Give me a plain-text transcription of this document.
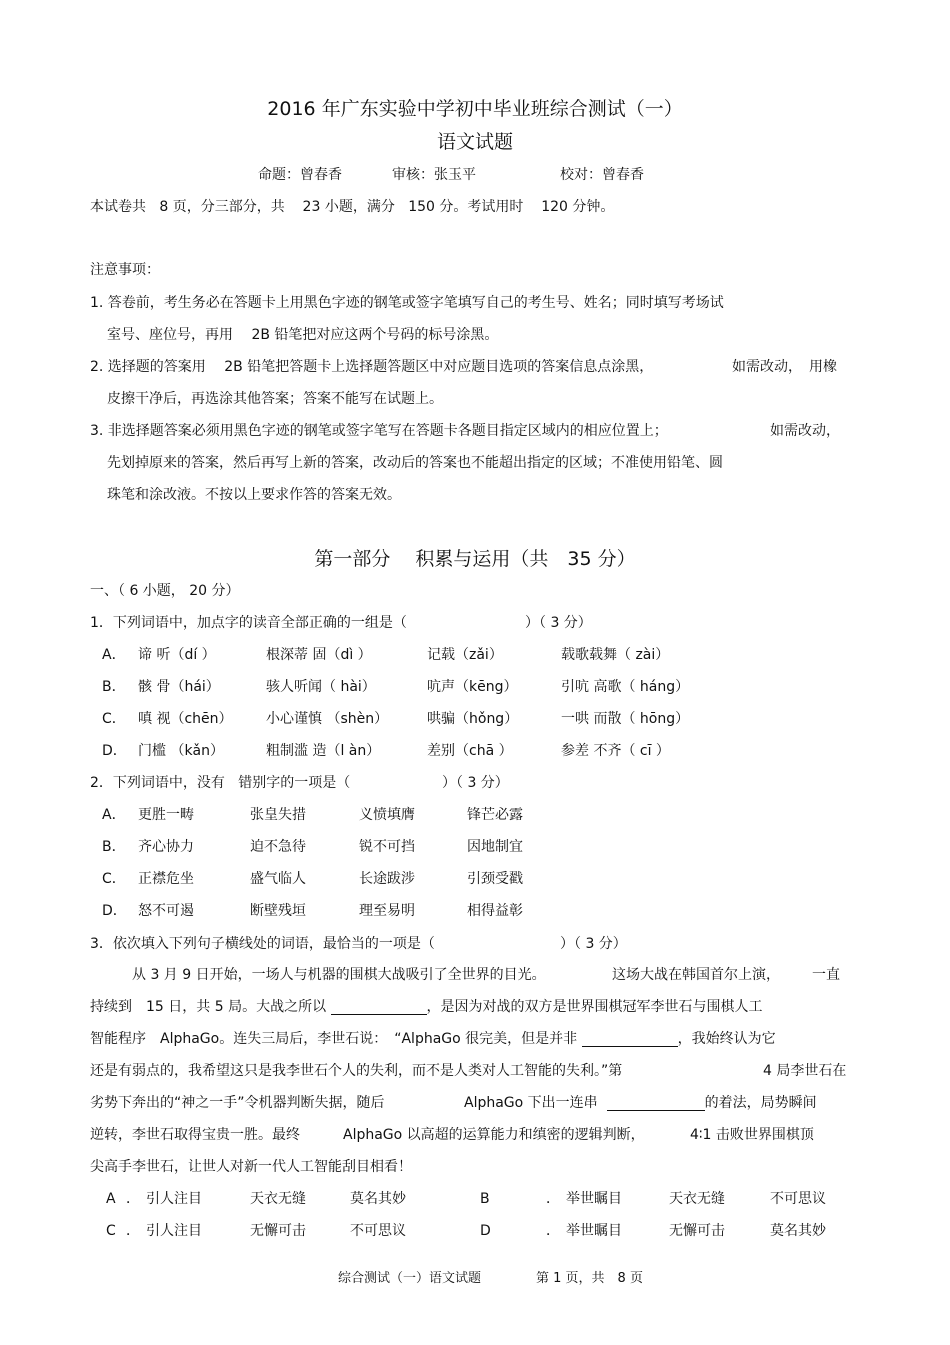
2016 年广东实验中学初中毕业班综合测试（一）
语文试题
命题：曾春香	审核：张玉平	校对：曾春香
本试卷共 8 页，分三部分，共 23 小题，满分 150 分。考试用时 120 分钟。
注意事项：
1. 答卷前，考生务必在答题卡上用黑色字迹的钢笔或签字笔填写自己的考生号、姓名；同时填写考场试
室号、座位号，再用　 2B 铅笔把对应这两个号码的标号涂黑。
2. 选择题的答案用　 2B 铅笔把答题卡上选择题答题区中对应题目选项的答案信息点涂黑，	如需改动，　用橡
皮擦干净后，再选涂其他答案；答案不能写在试题上。
3. 非选择题答案必须用黑色字迹的钢笔或签字笔写在答题卡各题目指定区域内的相应位置上；	如需改动，
先划掉原来的答案，然后再写上新的答案，改动后的答案也不能超出指定的区域；不准使用铅笔、圆
珠笔和涂改液。不按以上要求作答的答案无效。
第一部分　 积累与运用（共　35 分）
一、（ 6 小题， 20 分）
1．下列词语中，加点字的读音全部正确的一组是（	）（ 3 分）
A． 谛 听（dí ）	根深蒂 固（dì ）	记载（zǎi）	载歌载舞（ zài）
B． 骸 骨（hái）	骇人听闻（ hài）	吭声（kēng）	引吭 高歌（ háng）
C． 嗔 视（chēn） 小心谨慎 （shèn）	哄骗（hǒng）	一哄 而散（ hōng）
D． 门槛 （kǎn）	粗制滥 造（l àn）	差别（chā ）	参差 不齐（ cī ）
2．下列词语中，没有 错别字的一项是（	）（ 3 分）
A． 更胜一畴	张皇失措	义愤填膺	锋芒必露
B． 齐心协力	迫不急待	锐不可挡	因地制宜
C． 正襟危坐	盛气临人	长途跋涉	引颈受戳
D． 怒不可遏	断壁残垣	理至易明	相得益彰
3．依次填入下列句子横线处的词语，最恰当的一项是（	）（ 3 分）
从 3 月 9 日开始，一场人与机器的围棋大战吸引了全世界的目光。	这场大战在韩国首尔上演， 一直
持续到　15 日，共 5 局。大战之所以	，是因为对战的双方是世界围棋冠军李世石与围棋人工
智能程序　AlphaGo。连失三局后，李世石说：　“AlphaGo 很完美，但是并非	，我始终认为它
还是有弱点的，我希望这只是我李世石个人的失利，而不是人类对人工智能的失利。”第	4 局李世石在
劣势下奔出的“神之一手”令机器判断失据，随后	AlphaGo 下出一连串	的着法，局势瞬间
逆转，李世石取得宝贵一胜。最终	AlphaGo 以高超的运算能力和缜密的逻辑判断，	4∶1 击败世界围棋顶
尖高手李世石，让世人对新一代人工智能刮目相看！
A ． 引人注目	天衣无缝	莫名其妙	B	． 举世瞩目	天衣无缝	不可思议
C ． 引人注目	无懈可击	不可思议	D	． 举世瞩目	无懈可击	莫名其妙
综合测试（一）语文试题	第 1 页，共　8 页
